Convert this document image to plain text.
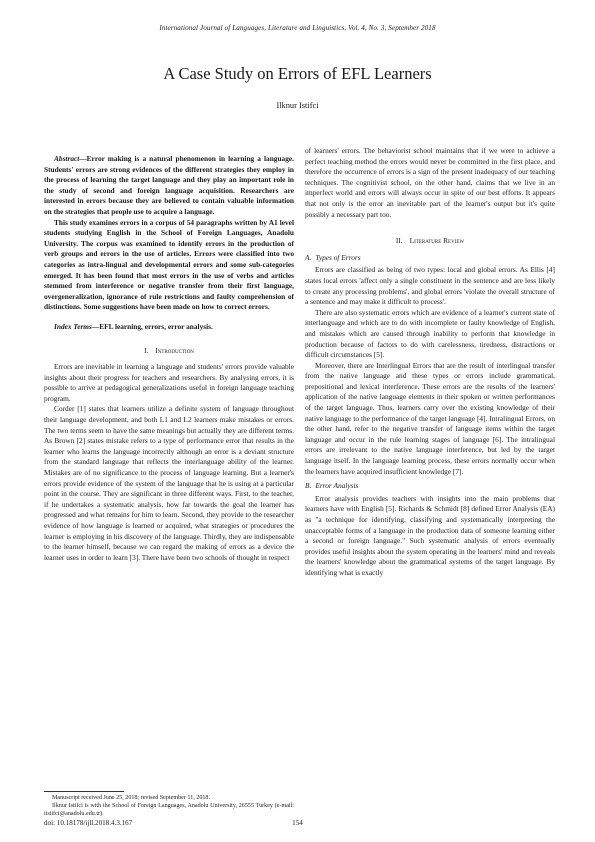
International Journal of Languages, Literature and Linguistics, Vol. 4, No. 3, September 2018
A Case Study on Errors of EFL Learners
Ilknur Istifci

Abstract—Error making is a natural phenomenon in learning a language. Students' errors are strong evidences of the different strategies they employ in the process of learning the target language and they play an important role in the study of second and foreign language acquisition. Researchers are interested in errors because they are believed to contain valuable information on the strategies that people use to acquire a language.

This study examines errors in a corpus of 54 paragraphs written by A1 level students studying English in the School of Foreign Languages, Anadolu University. The corpus was examined to identify errors in the production of verb groups and errors in the use of articles. Errors were classified into two categories as intra-lingual and developmental errors and some sub-categories emerged. It has been found that most errors in the use of verbs and articles stemmed from interference or negative transfer from their first language, overgeneralization, ignorance of rule restrictions and faulty comprehension of distinctions. Some suggestions have been made on how to correct errors.

Index Terms—EFL learning, errors, error analysis.

I. Introduction

Errors are inevitable in learning a language and students' errors provide valuable insights about their progress for teachers and researchers. By analysing errors, it is possible to arrive at pedagogical generalizations useful in foreign language teaching program.

Corder [1] states that learners utilize a definite system of language throughout their language development, and both L1 and L2 learners make mistakes or errors. The two terms seem to have the same meanings but actually they are different terms. As Brown [2] states mistake refers to a type of performance error that results in the learner who learns the language incorrectly although an error is a deviant structure from the standard language that reflects the interlanguage ability of the learner. Mistakes are of no significance to the process of language learning. But a learner's errors provide evidence of the system of the language that he is using at a particular point in the course. They are significant in three different ways. First, to the teacher, if he undertakes a systematic analysis, how far towards the goal the learner has progressed and what remains for him to learn. Second, they provide to the researcher evidence of how language is learned or acquired, what strategies or procedures the learner is employing in his discovery of the language. Thirdly, they are indispensable to the learner himself, because we can regard the making of errors as a device the learner uses in order to learn [3]. There have been two schools of thought in respect

of learners' errors. The behaviorist school maintains that if we were to achieve a perfect teaching method the errors would never be committed in the first place, and therefore the occurrence of errors is a sign of the present inadequacy of our teaching techniques. The cognitivist school, on the other hand, claims that we live in an imperfect world and errors will always occur in spite of our best efforts. It appears that not only is the error an inevitable part of the learner's output but it's quite possibly a necessary part too.

II. Literature Review
A. Types of Errors

Errors are classified as being of two types: local and global errors. As Ellis [4] states local errors 'affect only a single constituent in the sentence and are less likely to create any processing problems', and global errors 'violate the overall structure of a sentence and may make it difficult to process'.

There are also systematic errors which are evidence of a learner's current state of interlanguage and which are to do with incomplete or faulty knowledge of English, and mistakes which are caused through inability to perform that knowledge in production because of factors to do with carelessness, tiredness, distractions or difficult circumstances [5].

Moreover, there are Interlingual Errors that are the result of interlingual transfer from the native language and these types or errors include grammatical, prepositional and lexical interference. These errors are the results of the learners' application of the native language elements in their spoken or written performances of the target language. Thus, learners carry over the existing knowledge of their native language to the performance of the target language [4]. Intralingual Errors, on the other hand, refer to the negative transfer of language items within the target language and occur in the rule learning stages of language [6]. The intralingual errors are irrelevant to the native language interference, but led by the target language itself. In the language learning process, these errors normally occur when the learners have acquired insufficient knowledge [7].

B. Error Analysis

Error analysis provides teachers with insights into the main problems that learners have with English [5]. Richards & Schmidt [8] defined Error Analysis (EA) as "a technique for identifying, classifying and systematically interpreting the unacceptable forms of a language in the production data of someone learning either a second or foreign language." Such systematic analysis of errors eventually provides useful insights about the system operating in the learners' mind and reveals the learners' knowledge about the grammatical systems of the target language. By identifying what is exactly

Manuscript received June 25, 2018; revised September 11, 2018.
Ilknur Istifci is with the School of Foreign Languages, Anadolu University, 26555 Turkey (e-mail: iistifci@anadolu.edu.tr).
doi: 10.18178/ijll.2018.4.3.167	154
